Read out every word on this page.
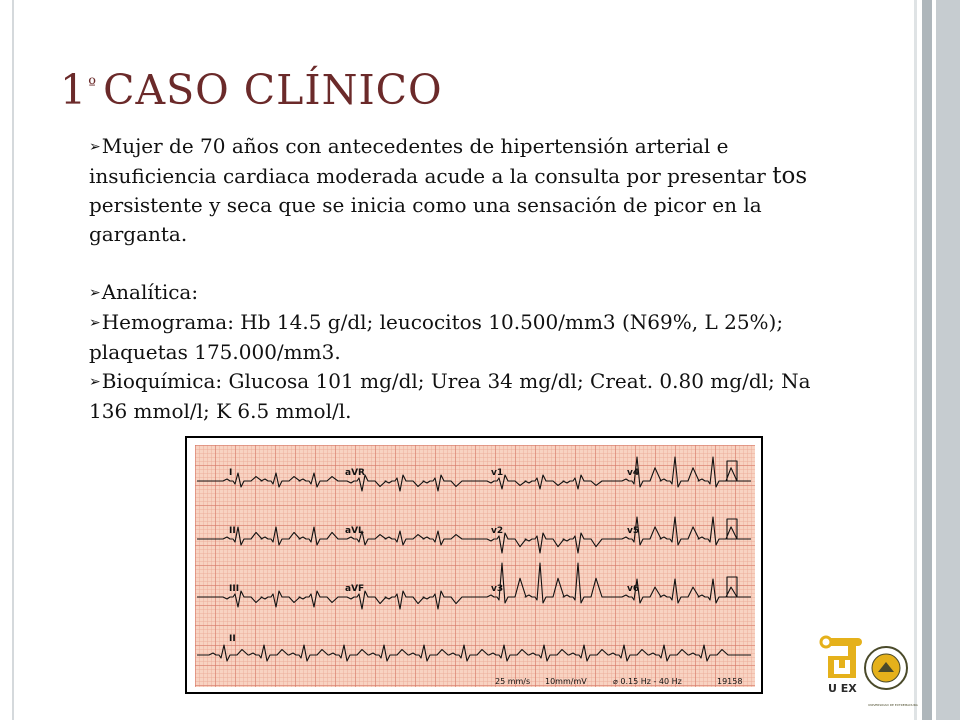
$1^º$ CASO CLÍNICO

➢Mujer de 70 años con antecedentes de hipertensión arterial e insuficiencia cardiaca moderada acude a la consulta por presentar tos persistente y seca que se inicia como una sensación de picor en la garganta.

➢Analítica:

➢Hemograma: Hb 14.5 g/dl; leucocitos 10.500/mm3 (N69%, L 25%); plaquetas 175.000/mm3.

➢Bioquímica: Glucosa 101 mg/dl; Urea 34 mg/dl; Creat. 0.80 mg/dl; Na 136 mmol/l; K 6.5 mmol/l.

I	aVR	v1	v4
II	aVL	v2	v5
III	aVF	v3	v6
II
25 mm/s 10mm/mV	⌀ 0.15 Hz - 40 Hz	19158
U EX
UNIVERSIDAD DE EXTREMADURA
